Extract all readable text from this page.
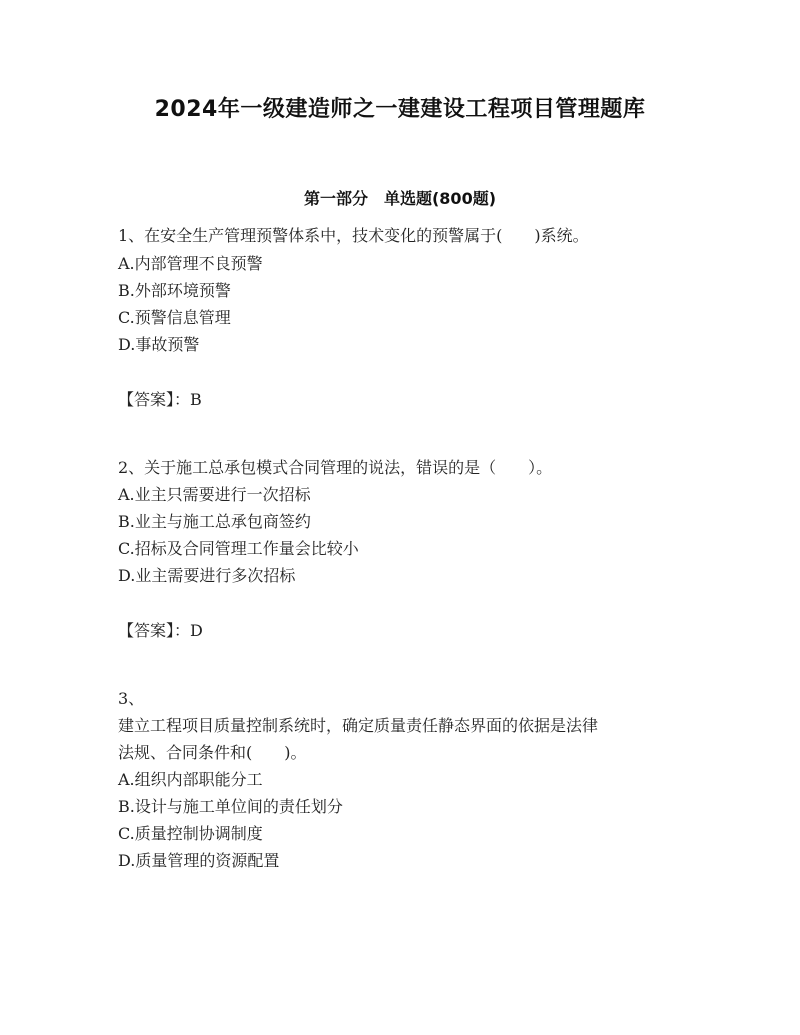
2024年一级建造师之一建建设工程项目管理题库
第一部分　单选题(800题)
1、在安全生产管理预警体系中，技术变化的预警属于(　　)系统。
A.内部管理不良预警
B.外部环境预警
C.预警信息管理
D.事故预警
【答案】：B
2、关于施工总承包模式合同管理的说法，错误的是（　　）。
A.业主只需要进行一次招标
B.业主与施工总承包商签约
C.招标及合同管理工作量会比较小
D.业主需要进行多次招标
【答案】：D
3、
建立工程项目质量控制系统时，确定质量责任静态界面的依据是法律
法规、合同条件和(　　)。
A.组织内部职能分工
B.设计与施工单位间的责任划分
C.质量控制协调制度
D.质量管理的资源配置
